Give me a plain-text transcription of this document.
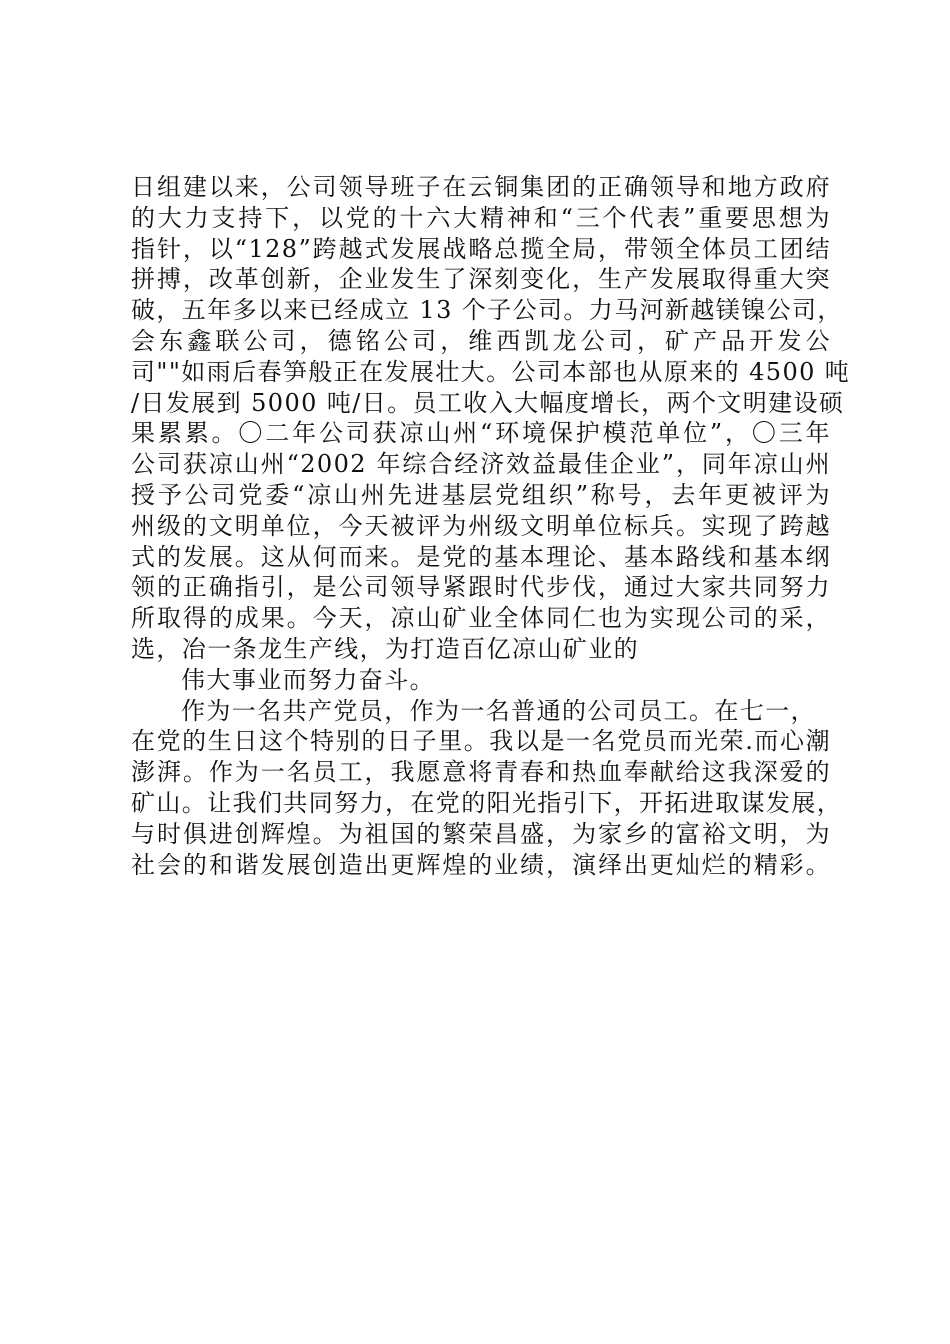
日组建以来，公司领导班子在云铜集团的正确领导和地方政府
的大力支持下，以党的十六大精神和“三个代表”重要思想为
指针，以“128”跨越式发展战略总揽全局，带领全体员工团结
拼搏，改革创新，企业发生了深刻变化，生产发展取得重大突
破，五年多以来已经成立 13 个子公司。力马河新越镁镍公司，
会东鑫联公司，德铭公司，维西凯龙公司，矿产品开发公
司""如雨后春笋般正在发展壮大。公司本部也从原来的 4500 吨
/日发展到 5000 吨/日。员工收入大幅度增长，两个文明建设硕
果累累。〇二年公司获凉山州“环境保护模范单位”，〇三年
公司获凉山州“2002 年综合经济效益最佳企业”，同年凉山州
授予公司党委“凉山州先进基层党组织”称号，去年更被评为
州级的文明单位，今天被评为州级文明单位标兵。实现了跨越
式的发展。这从何而来。是党的基本理论、基本路线和基本纲
领的正确指引，是公司领导紧跟时代步伐，通过大家共同努力
所取得的成果。今天，凉山矿业全体同仁也为实现公司的采，
选，冶一条龙生产线，为打造百亿凉山矿业的
伟大事业而努力奋斗。
作为一名共产党员，作为一名普通的公司员工。在七一，
在党的生日这个特别的日子里。我以是一名党员而光荣.而心潮
澎湃。作为一名员工，我愿意将青春和热血奉献给这我深爱的
矿山。让我们共同努力，在党的阳光指引下，开拓进取谋发展，
与时俱进创辉煌。为祖国的繁荣昌盛，为家乡的富裕文明，为
社会的和谐发展创造出更辉煌的业绩，演绎出更灿烂的精彩。
